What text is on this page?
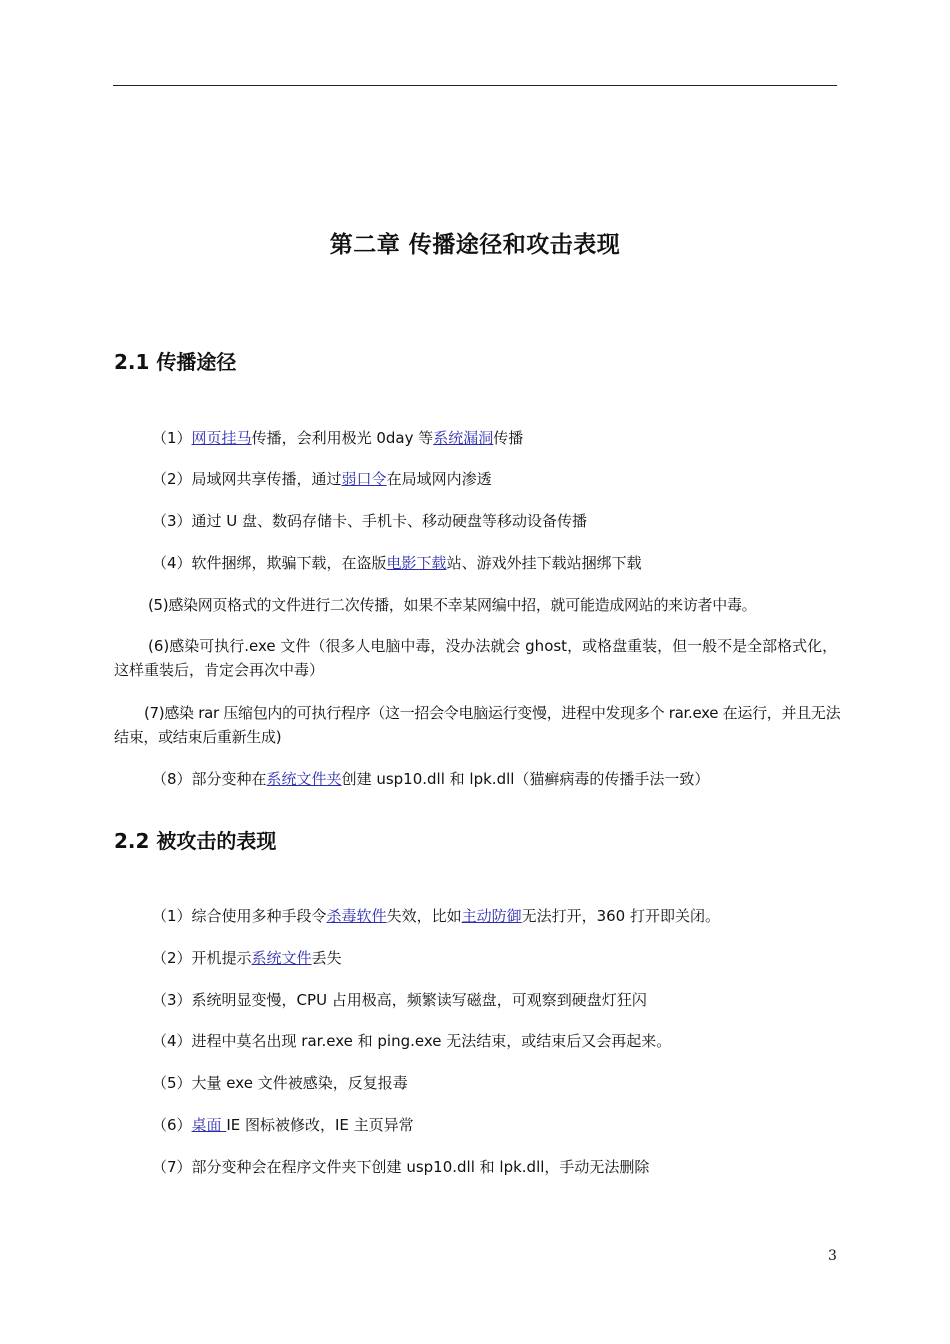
第二章 传播途径和攻击表现
2.1 传播途径
（1）网页挂马传播，会利用极光 0day 等系统漏洞传播
（2）局域网共享传播，通过弱口令在局域网内渗透
（3）通过 U 盘、数码存储卡、手机卡、移动硬盘等移动设备传播
（4）软件捆绑，欺骗下载，在盗版电影下载站、游戏外挂下载站捆绑下载
(5)感染网页格式的文件进行二次传播，如果不幸某网编中招，就可能造成网站的来访者中毒。
(6)感染可执行.exe 文件（很多人电脑中毒，没办法就会 ghost，或格盘重装，但一般不是全部格式化，这样重装后，肯定会再次中毒）
(7)感染 rar 压缩包内的可执行程序（这一招会令电脑运行变慢，进程中发现多个 rar.exe 在运行，并且无法结束，或结束后重新生成)
（8）部分变种在系统文件夹创建 usp10.dll 和 lpk.dll（猫癣病毒的传播手法一致）
2.2 被攻击的表现
（1）综合使用多种手段令杀毒软件失效，比如主动防御无法打开，360 打开即关闭。
（2）开机提示系统文件丢失
（3）系统明显变慢，CPU 占用极高，频繁读写磁盘，可观察到硬盘灯狂闪
（4）进程中莫名出现 rar.exe 和 ping.exe 无法结束，或结束后又会再起来。
（5）大量 exe 文件被感染，反复报毒
（6）桌面 IE 图标被修改，IE 主页异常
（7）部分变种会在程序文件夹下创建 usp10.dll 和 lpk.dll，手动无法删除
3
